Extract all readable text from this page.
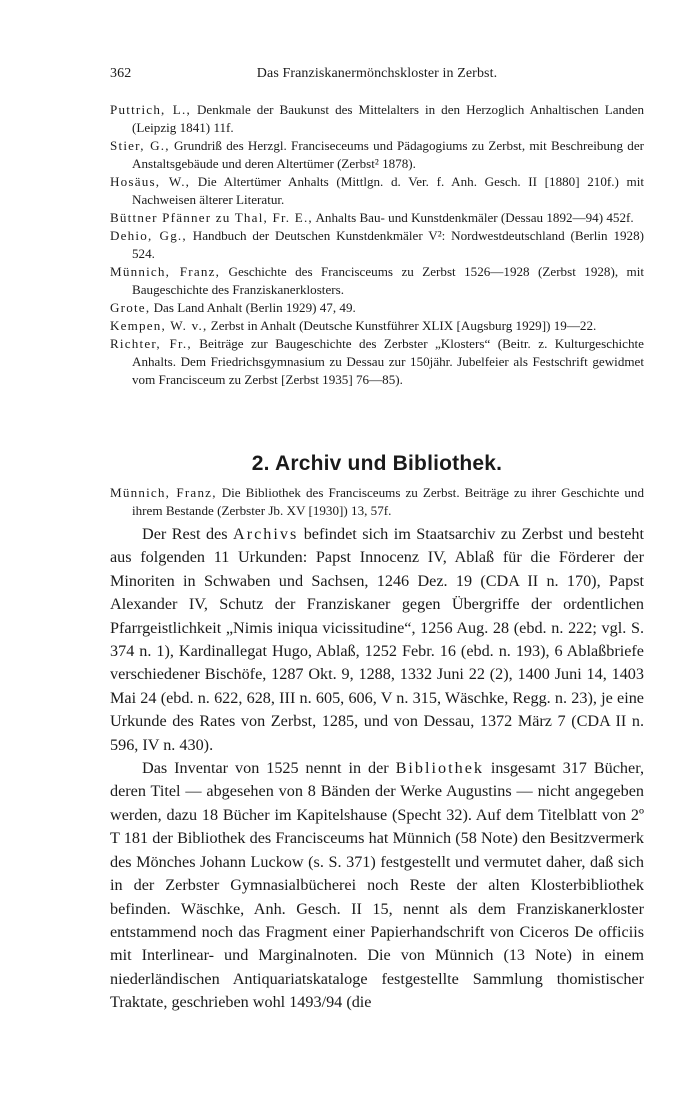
362	Das Franziskanermönchskloster in Zerbst.

Puttrich, L., Denkmale der Baukunst des Mittelalters in den Herzoglich Anhaltischen Landen (Leipzig 1841) 11f.

Stier, G., Grundriß des Herzgl. Franciseceums und Pädagogiums zu Zerbst, mit Beschreibung der Anstaltsgebäude und deren Altertümer (Zerbst² 1878).

Hosäus, W., Die Altertümer Anhalts (Mittlgn. d. Ver. f. Anh. Gesch. II [1880] 210f.) mit Nachweisen älterer Literatur.

Büttner Pfänner zu Thal, Fr. E., Anhalts Bau- und Kunstdenkmäler (Dessau 1892—94) 452f.

Dehio, Gg., Handbuch der Deutschen Kunstdenkmäler V²: Nordwestdeutschland (Berlin 1928) 524.

Münnich, Franz, Geschichte des Francisceums zu Zerbst 1526—1928 (Zerbst 1928), mit Baugeschichte des Franziskanerklosters.

Grote, Das Land Anhalt (Berlin 1929) 47, 49.

Kempen, W. v., Zerbst in Anhalt (Deutsche Kunstführer XLIX [Augsburg 1929]) 19—22.

Richter, Fr., Beiträge zur Baugeschichte des Zerbster „Klosters“ (Beitr. z. Kulturgeschichte Anhalts. Dem Friedrichsgymnasium zu Dessau zur 150jähr. Jubelfeier als Festschrift gewidmet vom Francisceum zu Zerbst [Zerbst 1935] 76—85).

2. Archiv und Bibliothek.

Münnich, Franz, Die Bibliothek des Francisceums zu Zerbst. Beiträge zu ihrer Geschichte und ihrem Bestande (Zerbster Jb. XV [1930]) 13, 57f.

Der Rest des Archivs befindet sich im Staatsarchiv zu Zerbst und besteht aus folgenden 11 Urkunden: Papst Innocenz IV, Ablaß für die Förderer der Minoriten in Schwaben und Sachsen, 1246 Dez. 19 (CDA II n. 170), Papst Alexander IV, Schutz der Franziskaner gegen Übergriffe der ordentlichen Pfarrgeistlichkeit „Nimis iniqua vicissitudine“, 1256 Aug. 28 (ebd. n. 222; vgl. S. 374 n. 1), Kardinallegat Hugo, Ablaß, 1252 Febr. 16 (ebd. n. 193), 6 Ablaßbriefe verschiedener Bischöfe, 1287 Okt. 9, 1288, 1332 Juni 22 (2), 1400 Juni 14, 1403 Mai 24 (ebd. n. 622, 628, III n. 605, 606, V n. 315, Wäschke, Regg. n. 23), je eine Urkunde des Rates von Zerbst, 1285, und von Dessau, 1372 März 7 (CDA II n. 596, IV n. 430).

Das Inventar von 1525 nennt in der Bibliothek insgesamt 317 Bücher, deren Titel — abgesehen von 8 Bänden der Werke Augustins — nicht angegeben werden, dazu 18 Bücher im Kapitelshause (Specht 32). Auf dem Titelblatt von 2º T 181 der Bibliothek des Francisceums hat Münnich (58 Note) den Besitzvermerk des Mönches Johann Luckow (s. S. 371) festgestellt und vermutet daher, daß sich in der Zerbster Gymnasialbücherei noch Reste der alten Klosterbibliothek befinden. Wäschke, Anh. Gesch. II 15, nennt als dem Franziskanerkloster entstammend noch das Fragment einer Papierhandschrift von Ciceros De officiis mit Interlinear- und Marginalnoten. Die von Münnich (13 Note) in einem niederländischen Antiquariatskataloge festgestellte Sammlung thomistischer Traktate, geschrieben wohl 1493/94 (die
